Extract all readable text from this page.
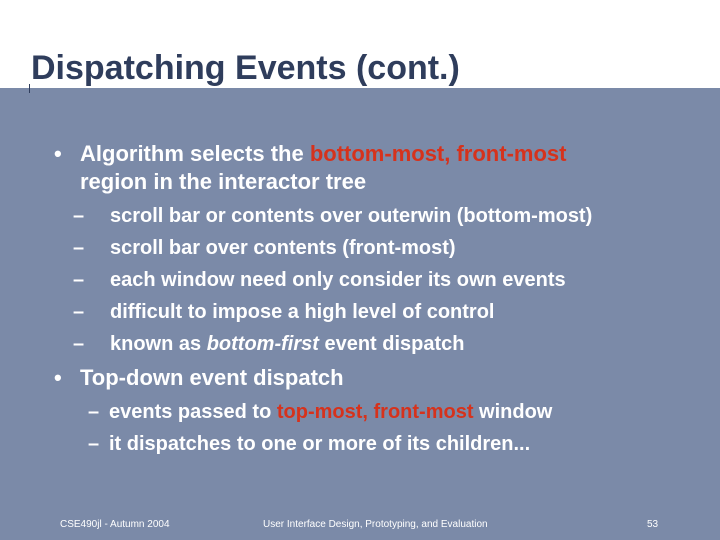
Dispatching Events (cont.)
• Algorithm selects the bottom-most, front-most
region in the interactor tree
– scroll bar or contents over outerwin (bottom-most)
– scroll bar over contents (front-most)
– each window need only consider its own events
– difficult to impose a high level of control
– known as bottom-first event dispatch
• Top-down event dispatch
– events passed to top-most, front-most window
– it dispatches to one or more of its children...
CSE490jl - Autumn 2004	User Interface Design, Prototyping, and Evaluation	53
